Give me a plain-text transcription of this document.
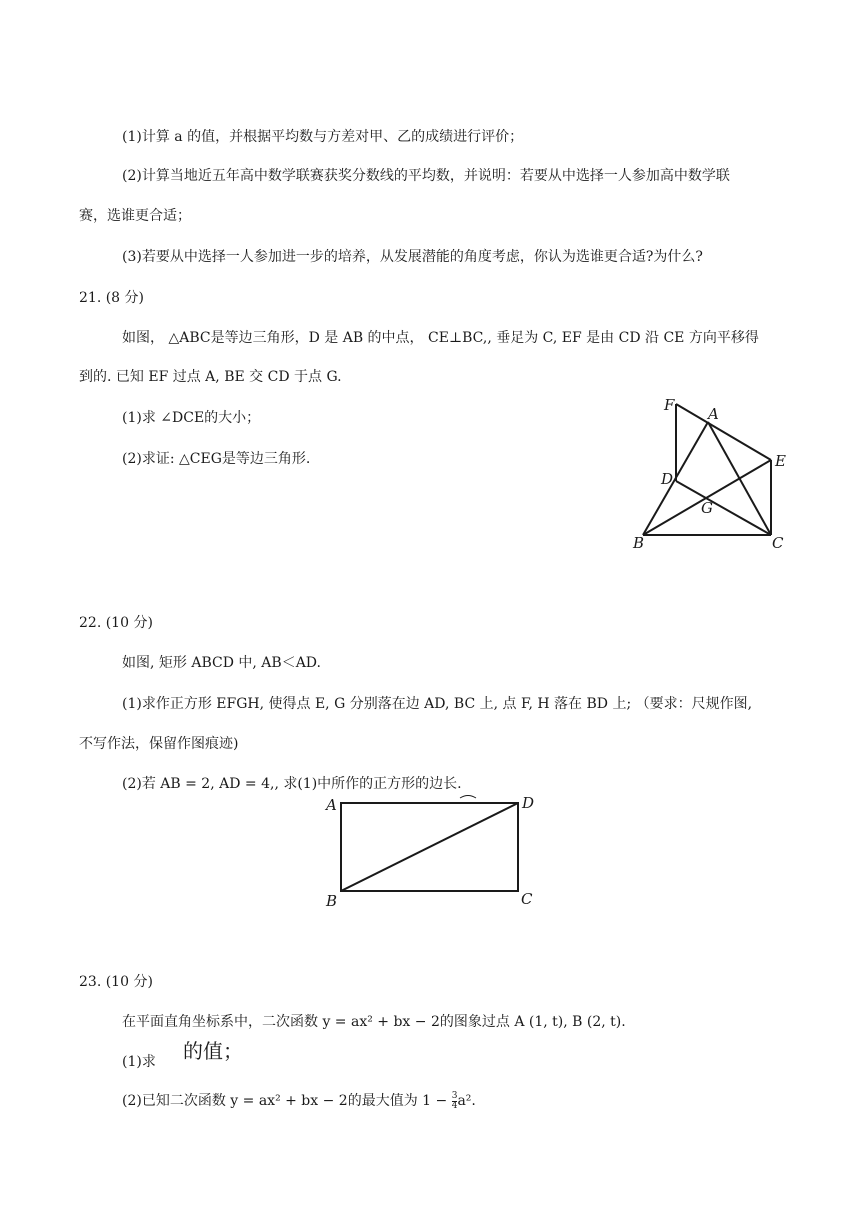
(1)计算 a 的值，并根据平均数与方差对甲、乙的成绩进行评价；
(2)计算当地近五年高中数学联赛获奖分数线的平均数，并说明：若要从中选择一人参加高中数学联
赛，选谁更合适；
(3)若要从中选择一人参加进一步的培养，从发展潜能的角度考虑，你认为选谁更合适?为什么?
21. (8 分)
如图， △ABC是等边三角形，D 是 AB 的中点， CE⊥BC,, 垂足为 C, EF 是由 CD 沿 CE 方向平移得
到的. 已知 EF 过点 A, BE 交 CD 于点 G.
(1)求 ∠DCE的大小；
(2)求证: △CEG是等边三角形.
F A
E
D
G
B	C
22. (10 分)
如图, 矩形 ABCD 中, AB＜AD.
(1)求作正方形 EFGH, 使得点 E, G 分别落在边 AD, BC 上, 点 F, H 落在 BD 上; （要求：尺规作图,
不写作法，保留作图痕迹)
(2)若 AB = 2, AD = 4,, 求(1)中所作的正方形的边长.
A	D
B	C
23. (10 分)
在平面直角坐标系中，二次函数 y = ax² + bx − 2的图象过点 A (1, t), B (2, t).
(1)求 的值；
(2)已知二次函数 y = ax² + bx − 2的最大值为 $1 - \frac{3}{4} a^2$.
